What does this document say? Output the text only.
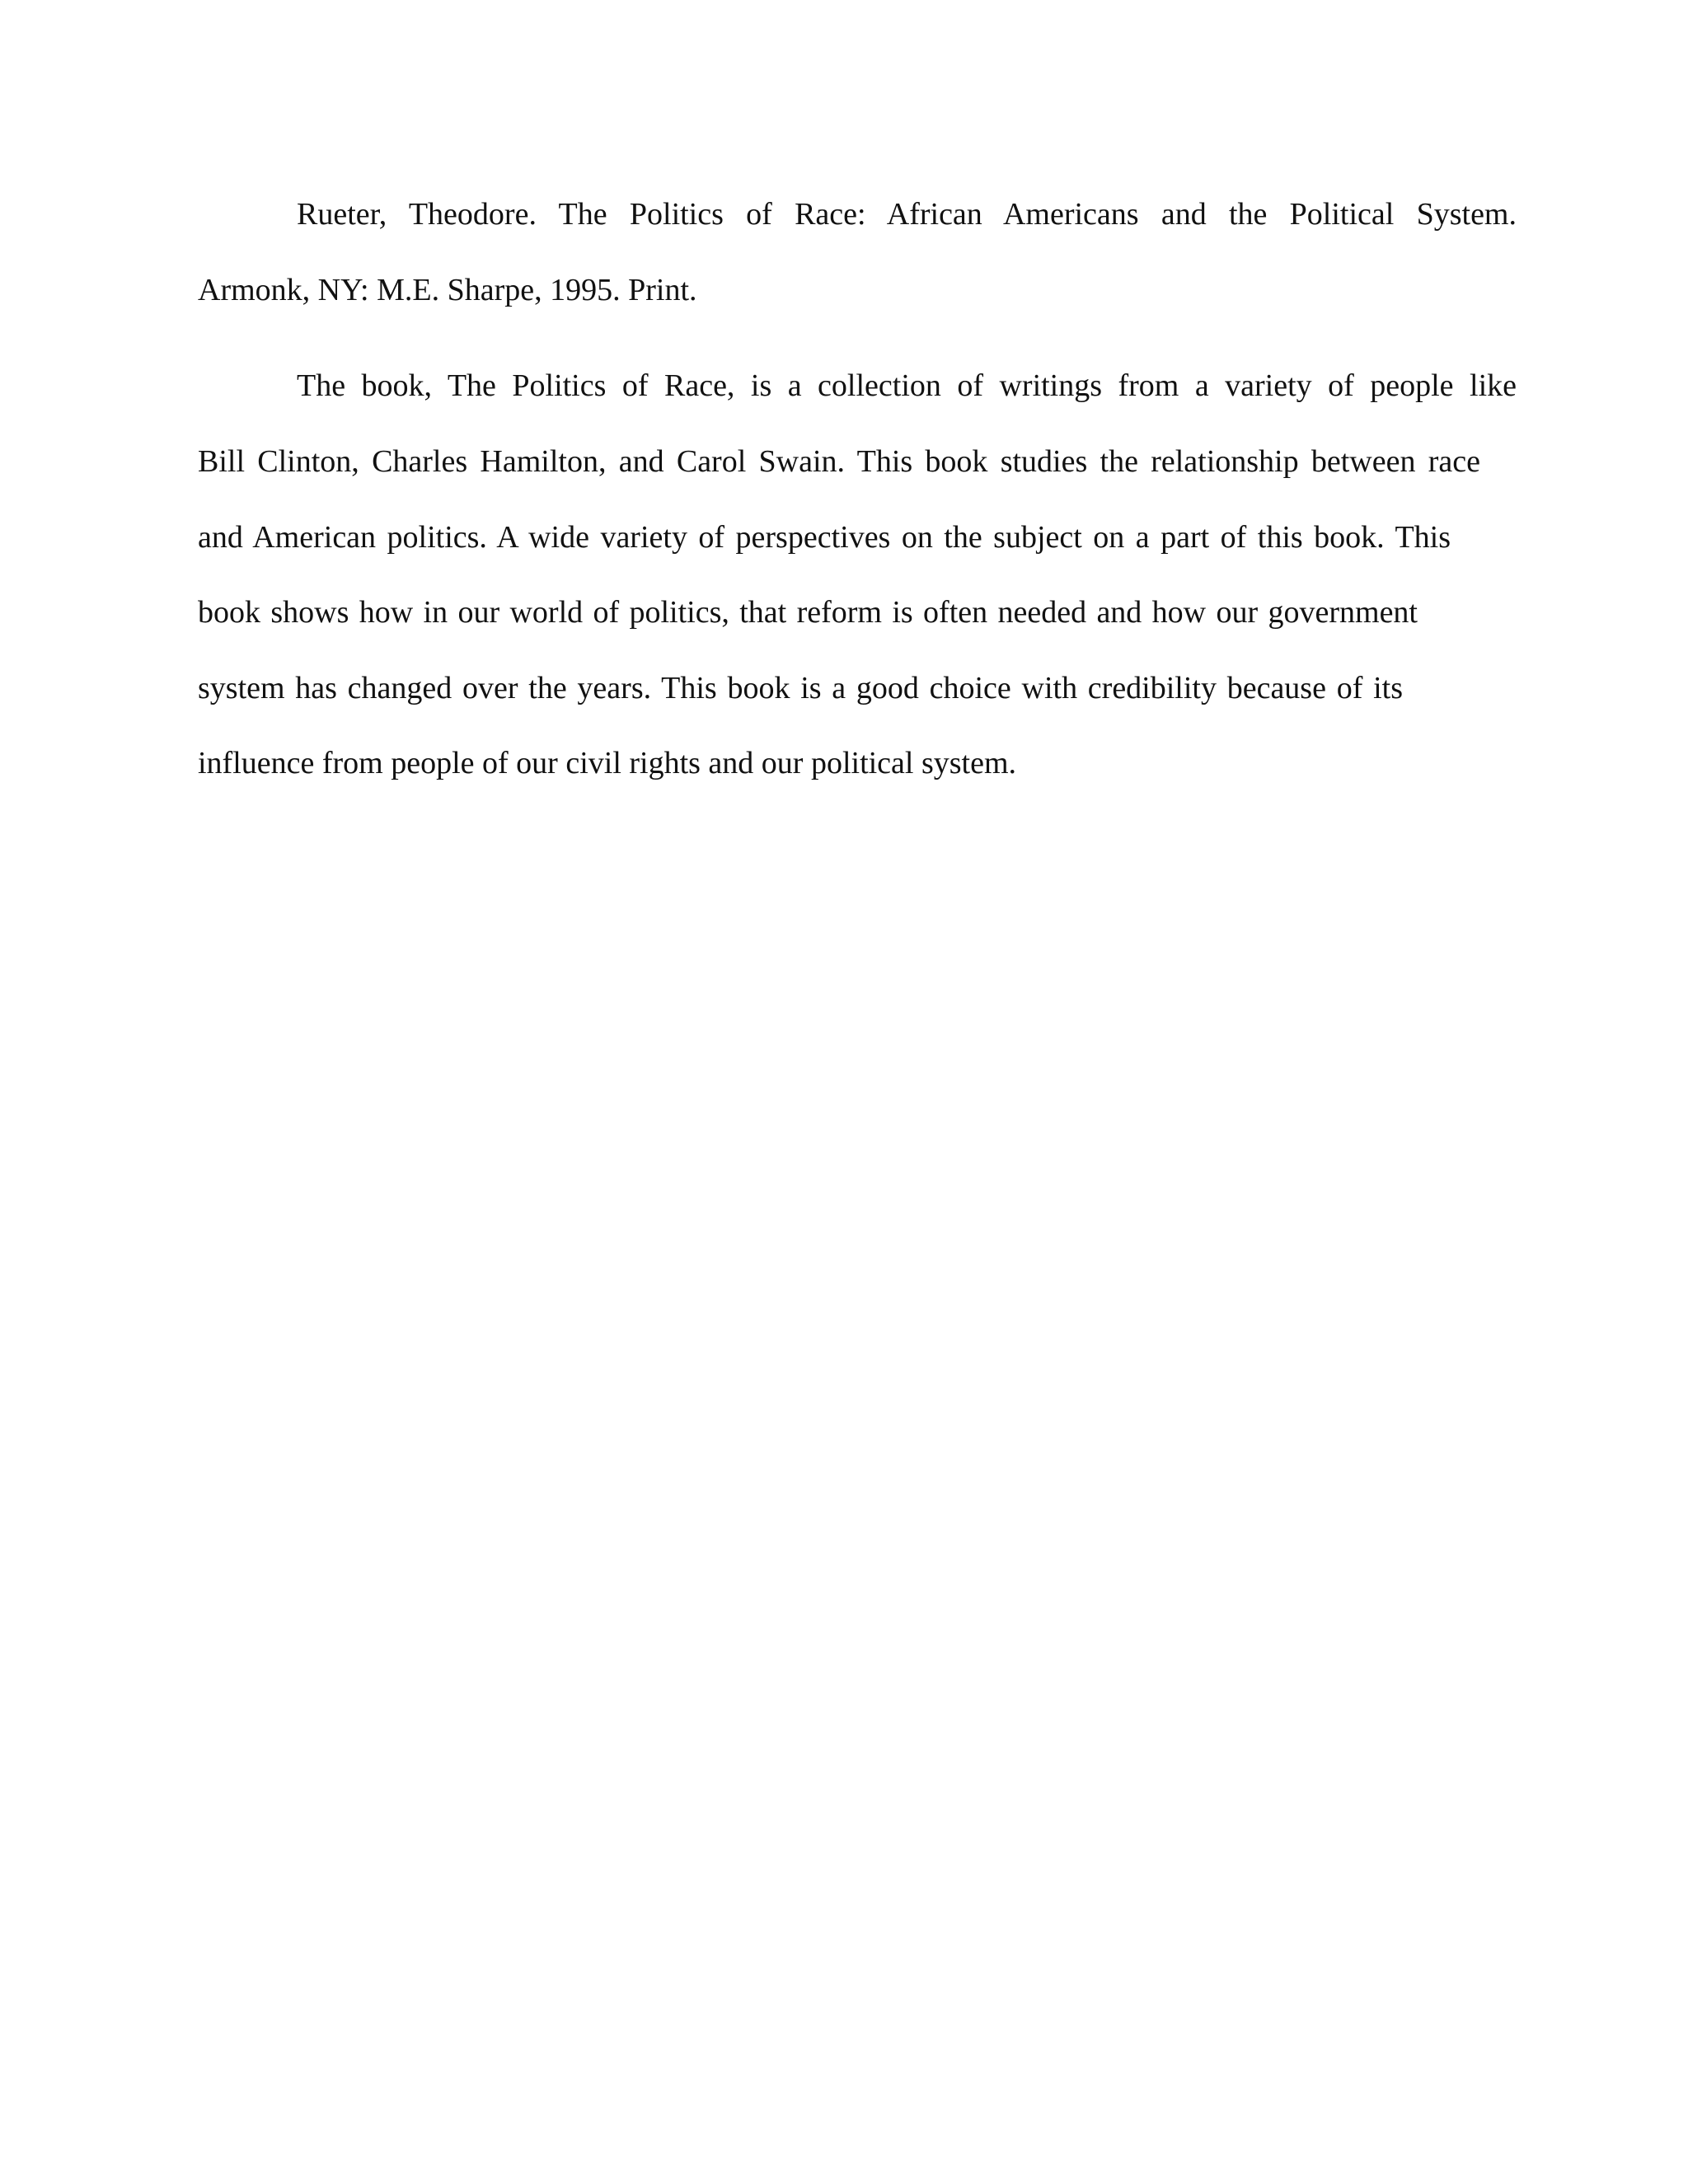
Rueter, Theodore. The Politics of Race: African Americans and the Political System.
Armonk, NY: M.E. Sharpe, 1995. Print.
The book, The Politics of Race, is a collection of writings from a variety of people like
Bill Clinton, Charles Hamilton, and Carol Swain. This book studies the relationship between race
and American politics. A wide variety of perspectives on the subject on a part of this book. This
book shows how in our world of politics, that reform is often needed and how our government
system has changed over the years. This book is a good choice with credibility because of its
influence from people of our civil rights and our political system.
